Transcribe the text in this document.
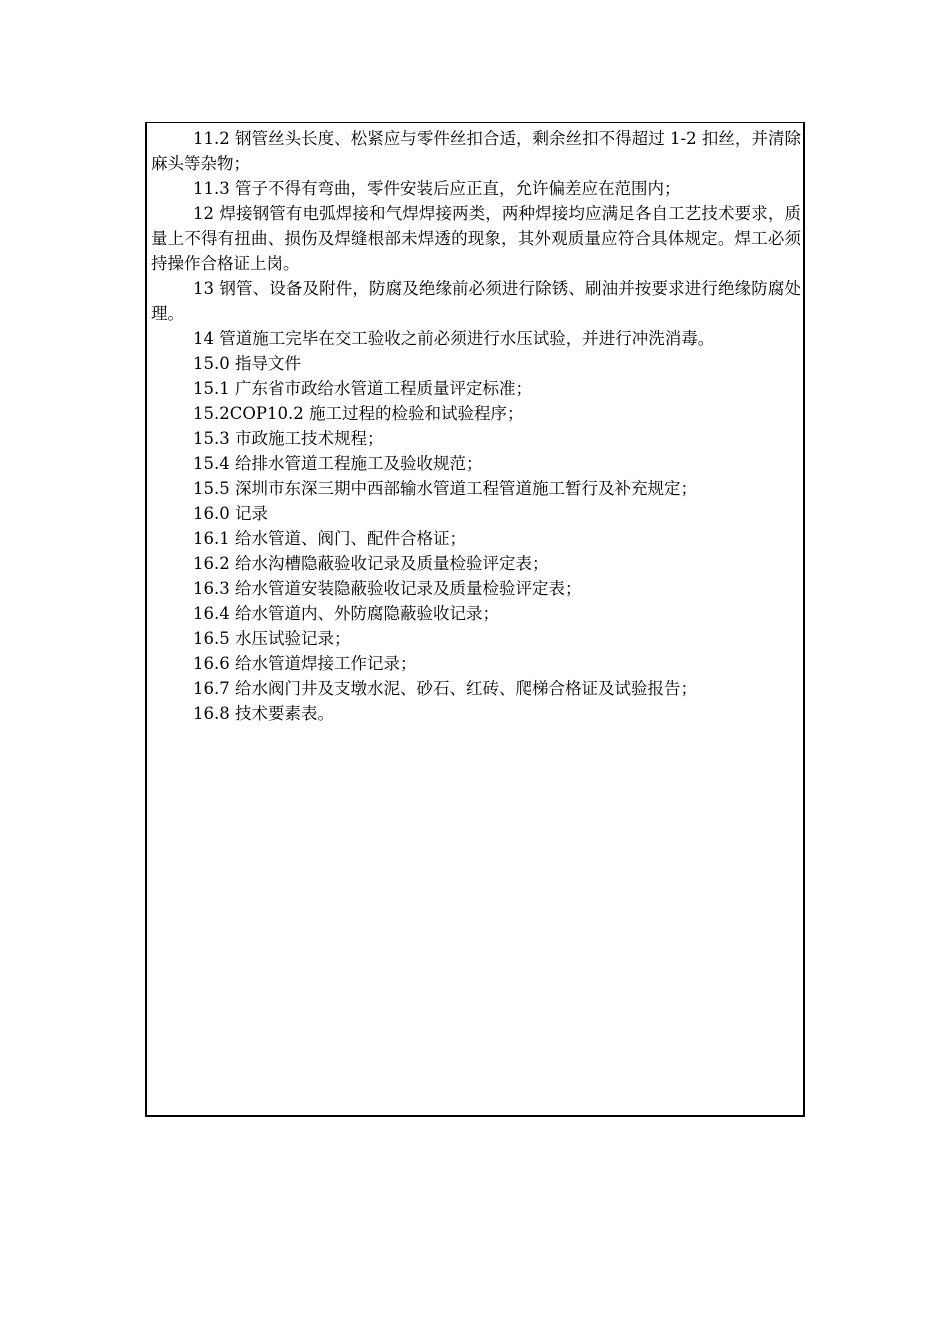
11.2 钢管丝头长度、松紧应与零件丝扣合适，剩余丝扣不得超过 1-2 扣丝，并清除麻头等杂物；

11.3 管子不得有弯曲，零件安装后应正直，允许偏差应在范围内；

12 焊接钢管有电弧焊接和气焊焊接两类，两种焊接均应满足各自工艺技术要求，质量上不得有扭曲、损伤及焊缝根部未焊透的现象，其外观质量应符合具体规定。焊工必须持操作合格证上岗。

13 钢管、设备及附件，防腐及绝缘前必须进行除锈、刷油并按要求进行绝缘防腐处理。

14 管道施工完毕在交工验收之前必须进行水压试验，并进行冲洗消毒。

15.0 指导文件

15.1 广东省市政给水管道工程质量评定标准；

15.2COP10.2 施工过程的检验和试验程序；

15.3 市政施工技术规程；

15.4 给排水管道工程施工及验收规范；

15.5 深圳市东深三期中西部输水管道工程管道施工暂行及补充规定；

16.0 记录

16.1 给水管道、阀门、配件合格证；

16.2 给水沟槽隐蔽验收记录及质量检验评定表；

16.3 给水管道安装隐蔽验收记录及质量检验评定表；

16.4 给水管道内、外防腐隐蔽验收记录；

16.5 水压试验记录；

16.6 给水管道焊接工作记录；

16.7 给水阀门井及支墩水泥、砂石、红砖、爬梯合格证及试验报告；

16.8 技术要素表。
